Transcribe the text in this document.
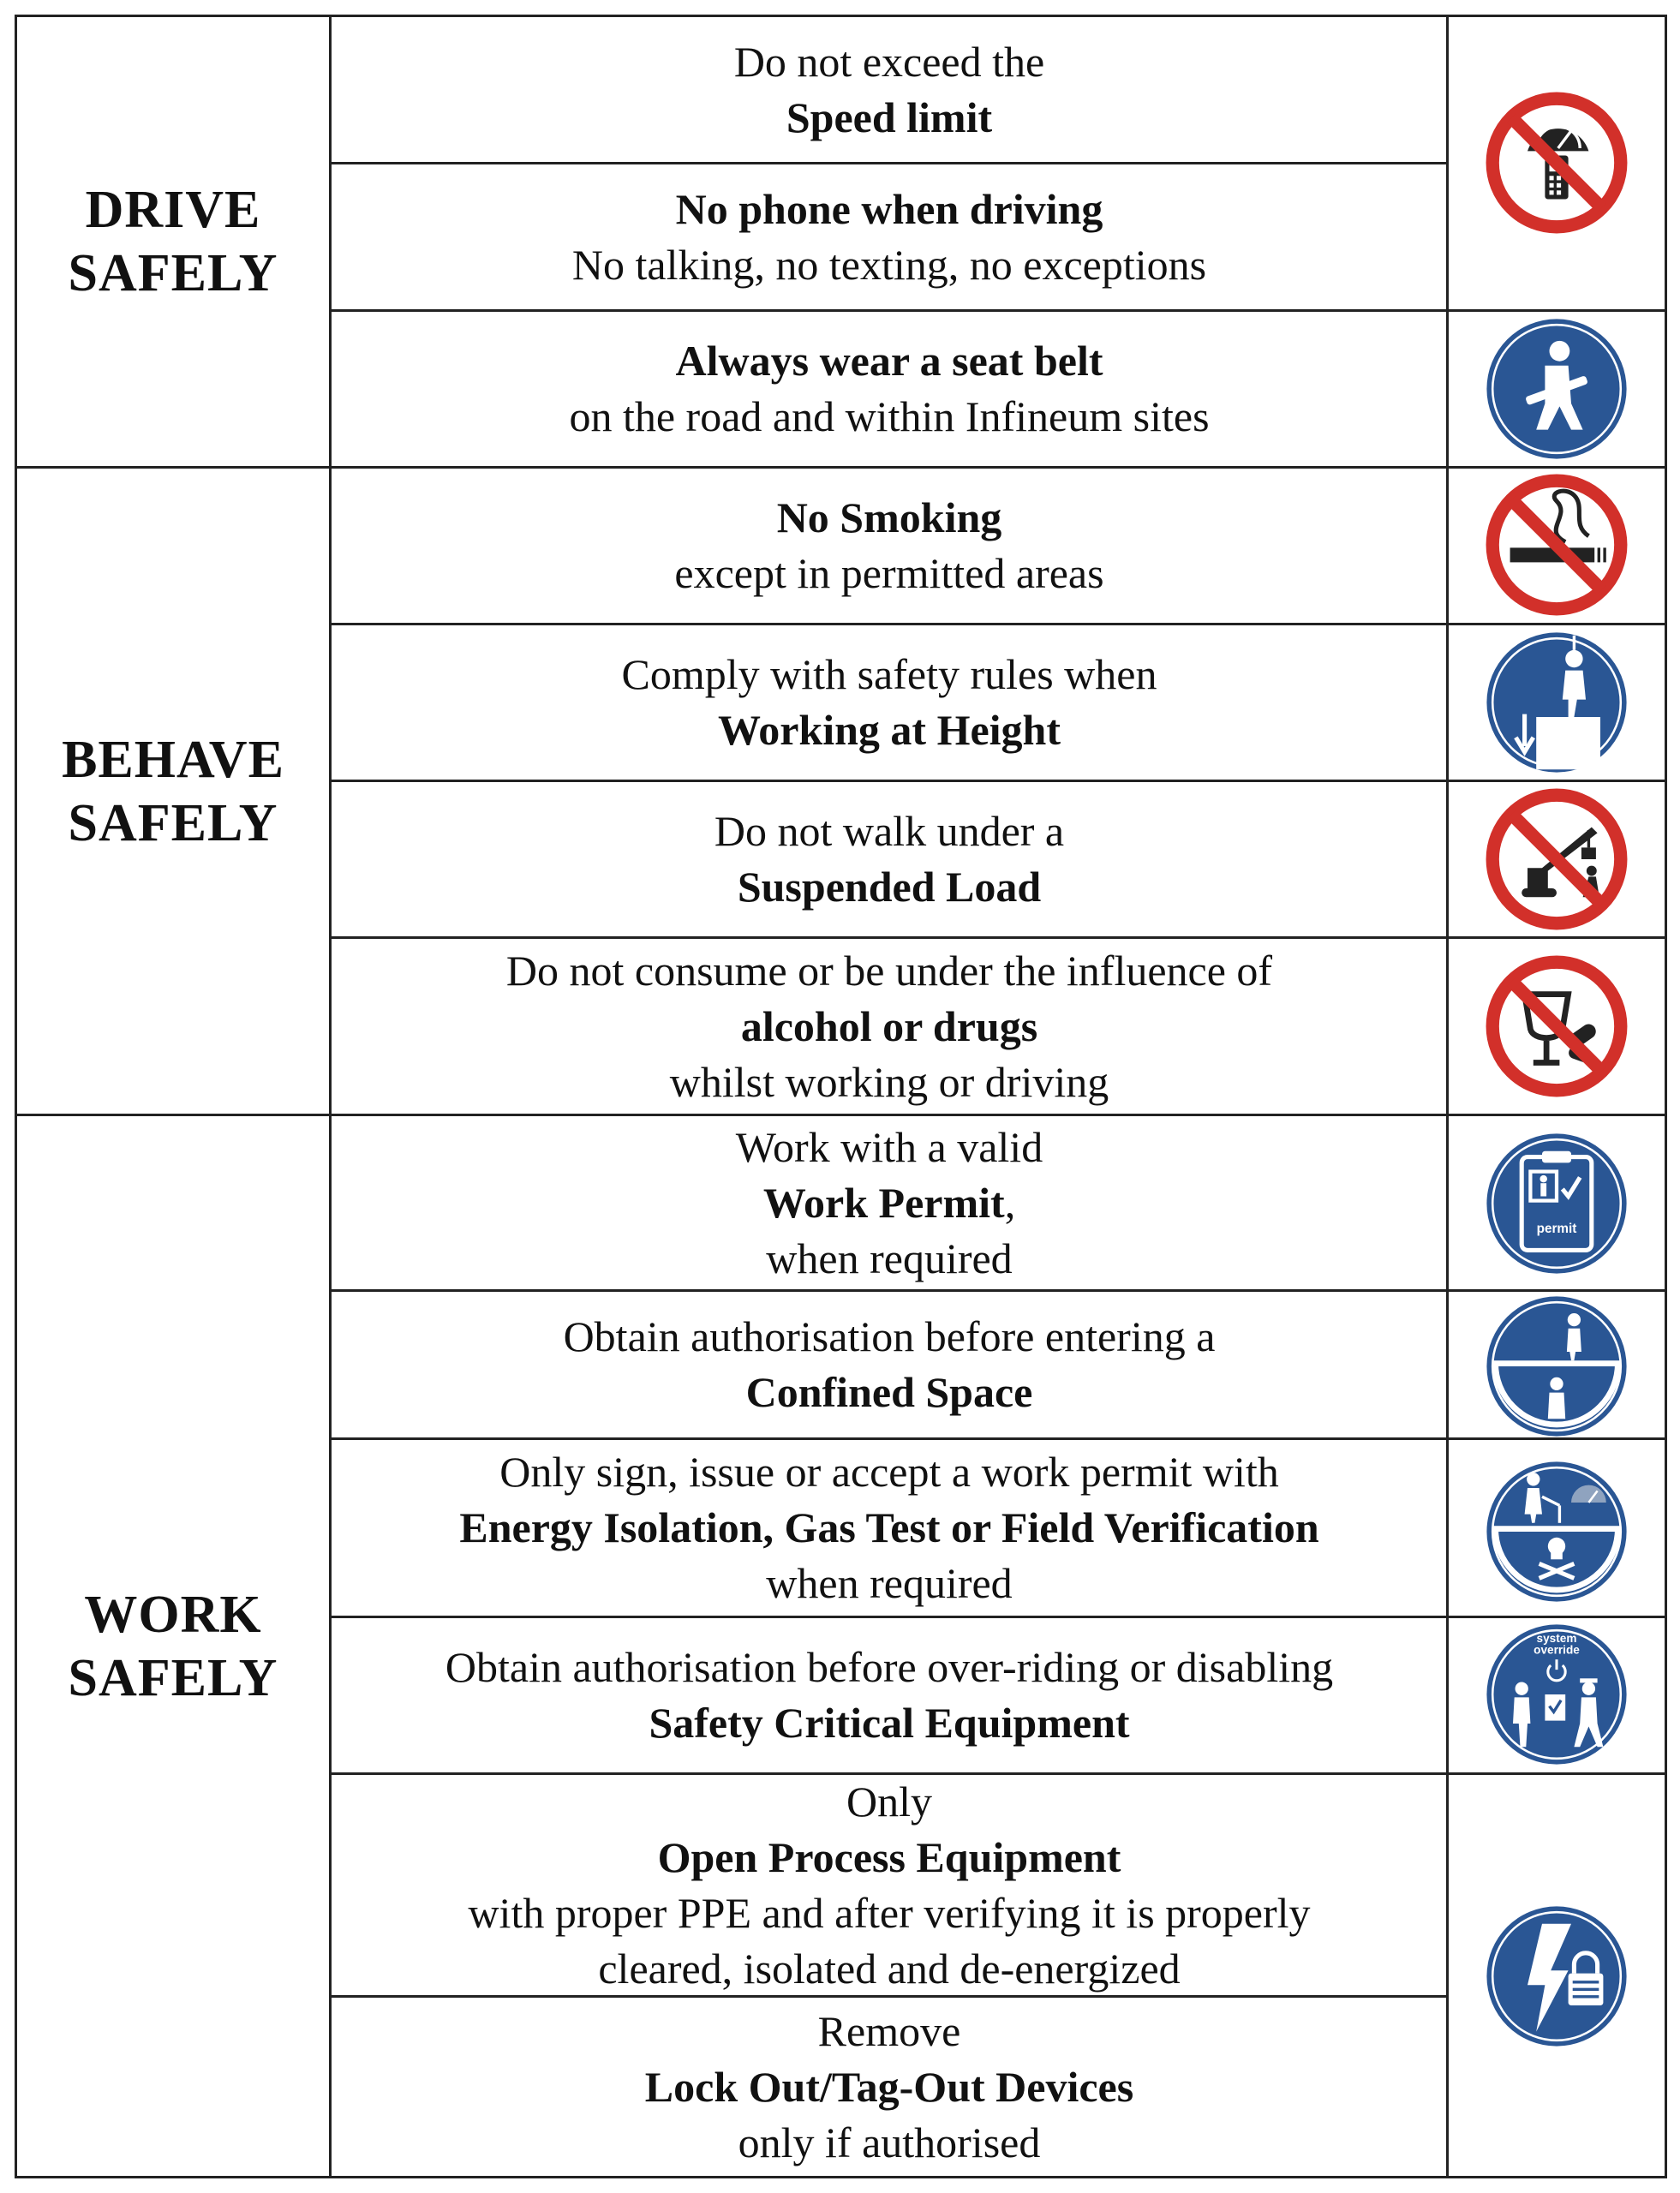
DRIVE
SAFELY
BEHAVE
SAFELY
WORK
SAFELY
Do not exceed the
Speed limit
No phone when driving
No talking, no texting, no exceptions
Always wear a seat belt
on the road and within Infineum sites
No Smoking
except in permitted areas
Comply with safety rules when
Working at Height
Do not walk under a
Suspended Load
Do not consume or be under the influence of
alcohol or drugs
whilst working or driving
Work with a valid
Work Permit,
when required
Obtain authorisation before entering a
Confined Space
Only sign, issue or accept a work permit with
Energy Isolation, Gas Test or Field Verification
when required
Obtain authorisation before over-riding or disabling
Safety Critical Equipment
Only
Open Process Equipment
with proper PPE and after verifying it is properly
cleared, isolated and de-energized
Remove
Lock Out/Tag-Out Devices
only if authorised
permit
system
override
